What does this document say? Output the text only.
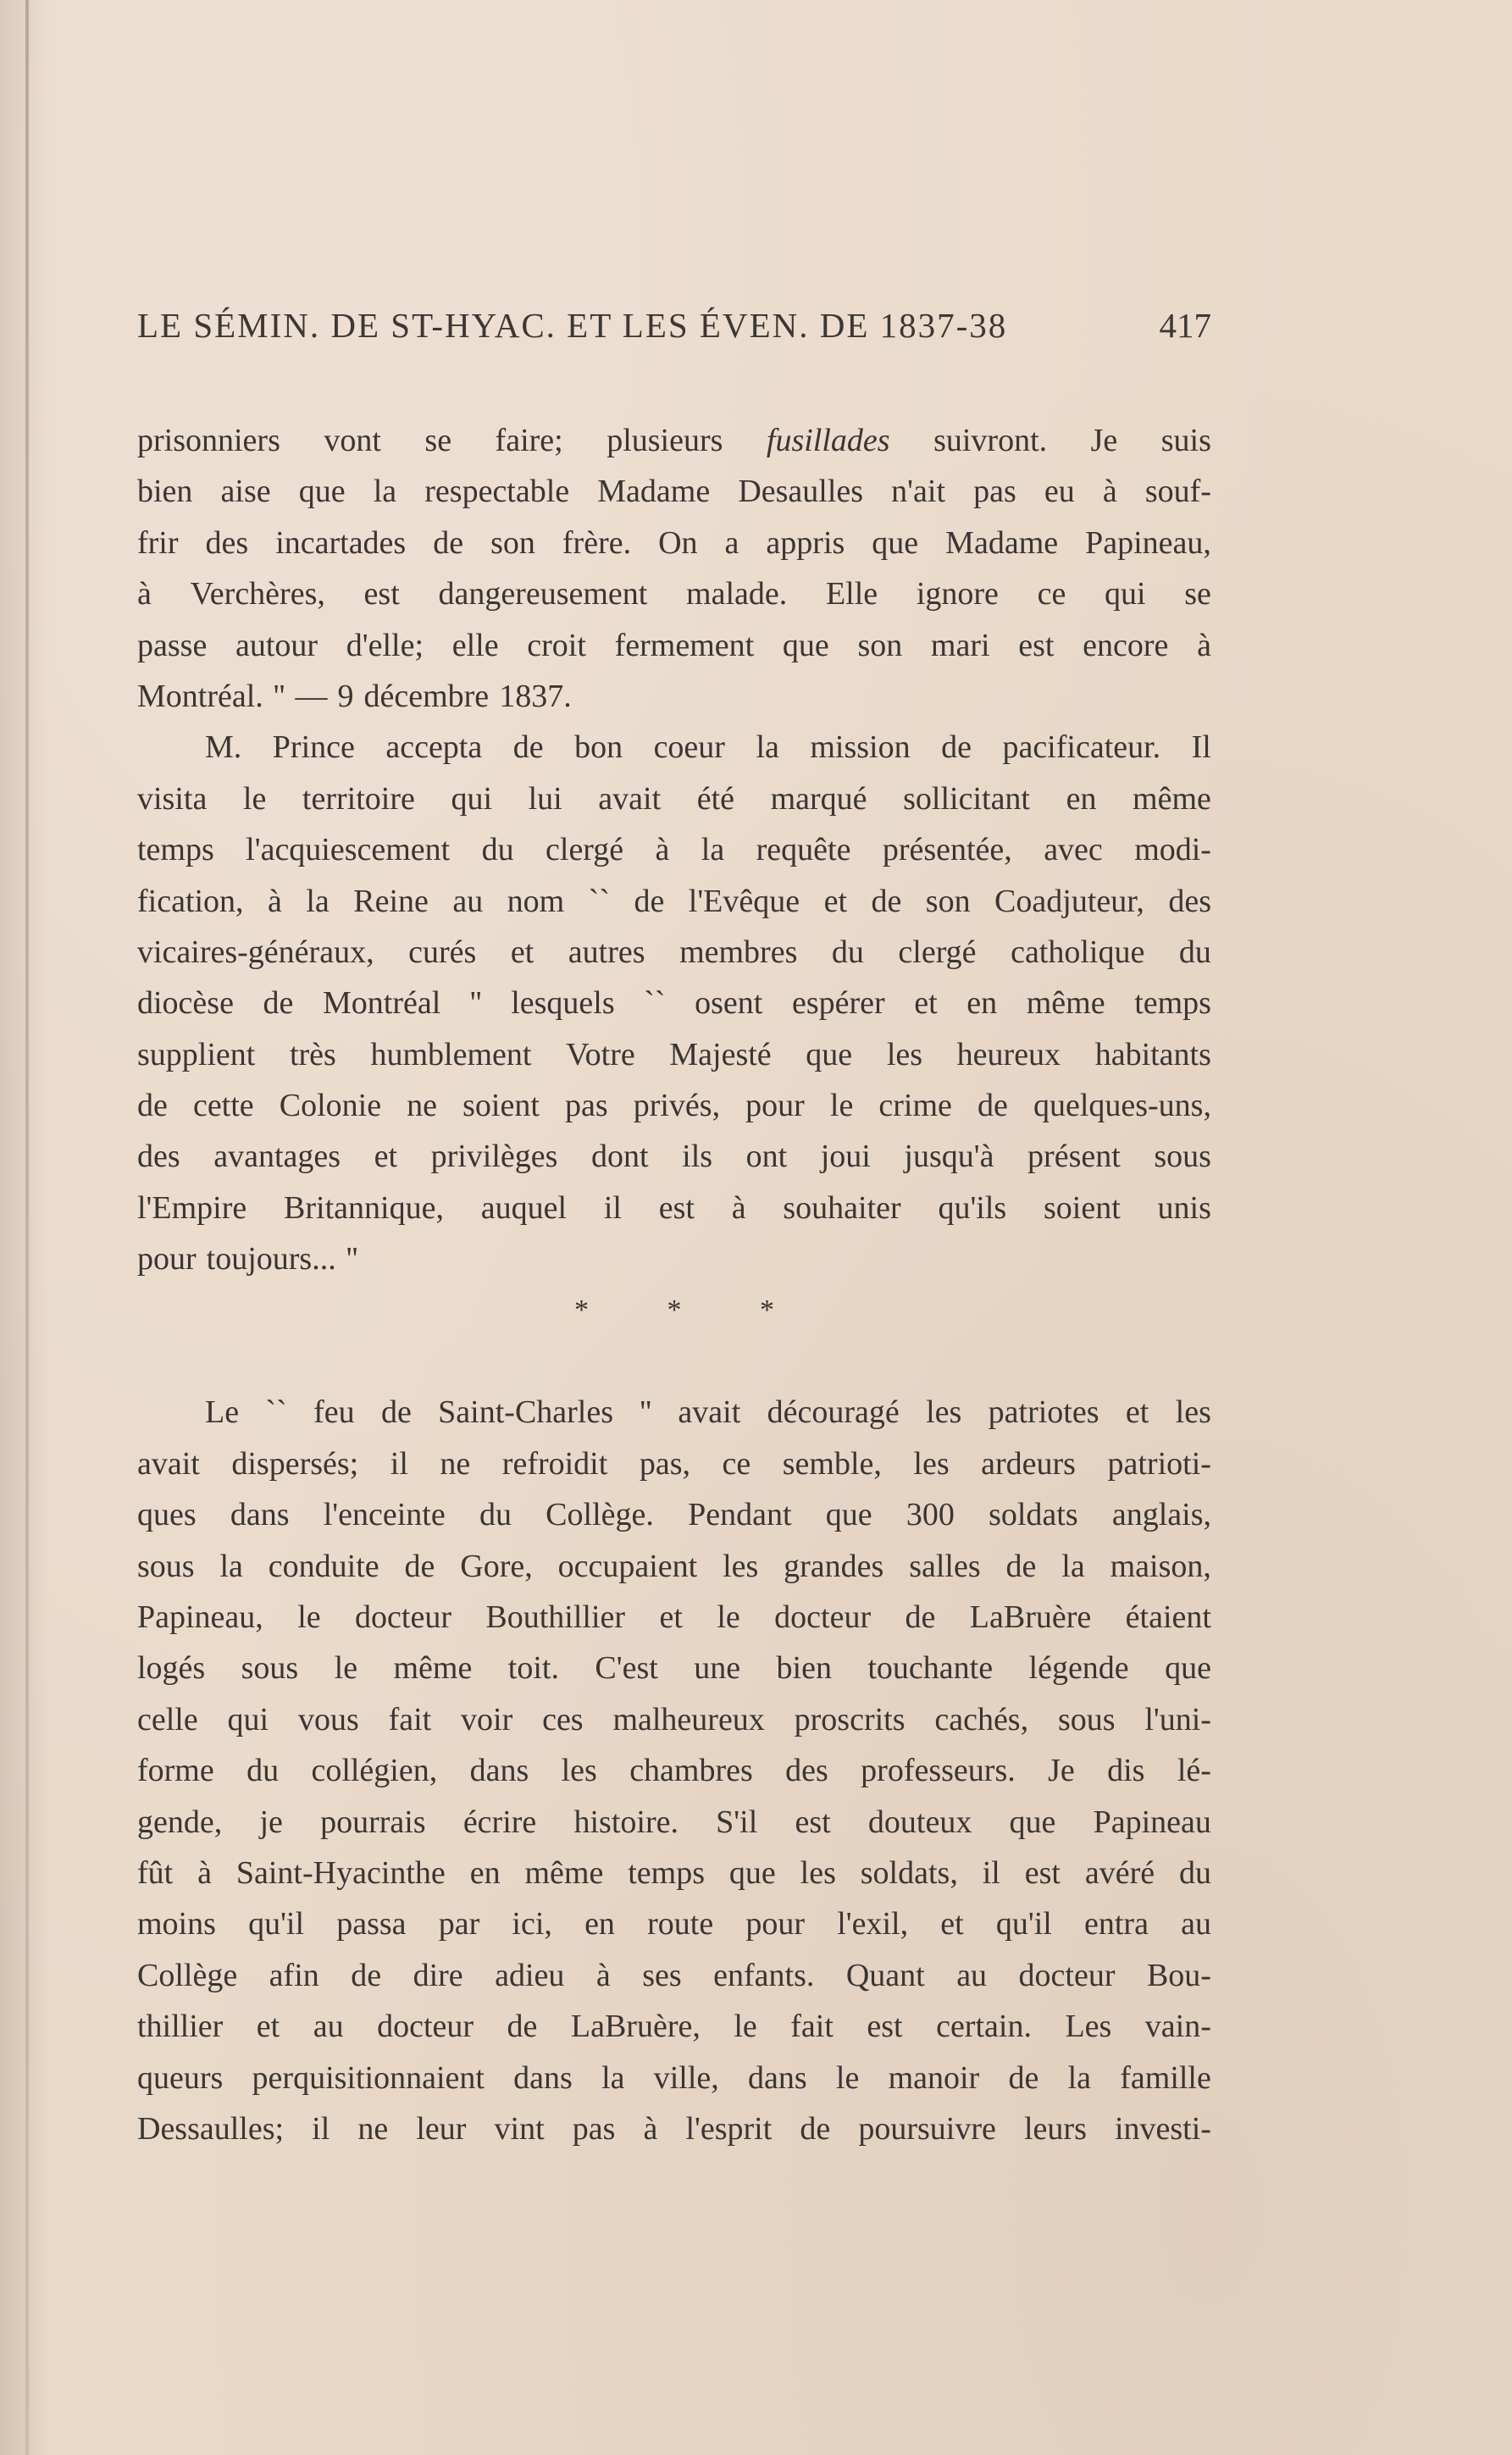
LE SÉMIN. DE ST-HYAC. ET LES ÉVEN. DE 1837-38	417
prisonniers vont se faire; plusieurs fusillades suivront. Je suis
bien aise que la respectable Madame Desaulles n'ait pas eu à souf-
frir des incartades de son frère. On a appris que Madame Papineau,
à Verchères, est dangereusement malade. Elle ignore ce qui se
passe autour d'elle; elle croit fermement que son mari est encore à
Montréal. '' — 9 décembre 1837.
M. Prince accepta de bon coeur la mission de pacificateur. Il
visita le territoire qui lui avait été marqué sollicitant en même
temps l'acquiescement du clergé à la requête présentée, avec modi-
fication, à la Reine au nom `` de l'Evêque et de son Coadjuteur, des
vicaires-généraux, curés et autres membres du clergé catholique du
diocèse de Montréal '' lesquels `` osent espérer et en même temps
supplient très humblement Votre Majesté que les heureux habitants
de cette Colonie ne soient pas privés, pour le crime de quelques-uns,
des avantages et privilèges dont ils ont joui jusqu'à présent sous
l'Empire Britannique, auquel il est à souhaiter qu'ils soient unis
pour toujours... ''
* * *
Le `` feu de Saint-Charles '' avait découragé les patriotes et les
avait dispersés; il ne refroidit pas, ce semble, les ardeurs patrioti-
ques dans l'enceinte du Collège. Pendant que 300 soldats anglais,
sous la conduite de Gore, occupaient les grandes salles de la maison,
Papineau, le docteur Bouthillier et le docteur de LaBruère étaient
logés sous le même toit. C'est une bien touchante légende que
celle qui vous fait voir ces malheureux proscrits cachés, sous l'uni-
forme du collégien, dans les chambres des professeurs. Je dis lé-
gende, je pourrais écrire histoire. S'il est douteux que Papineau
fût à Saint-Hyacinthe en même temps que les soldats, il est avéré du
moins qu'il passa par ici, en route pour l'exil, et qu'il entra au
Collège afin de dire adieu à ses enfants. Quant au docteur Bou-
thillier et au docteur de LaBruère, le fait est certain. Les vain-
queurs perquisitionnaient dans la ville, dans le manoir de la famille
Dessaulles; il ne leur vint pas à l'esprit de poursuivre leurs investi-
